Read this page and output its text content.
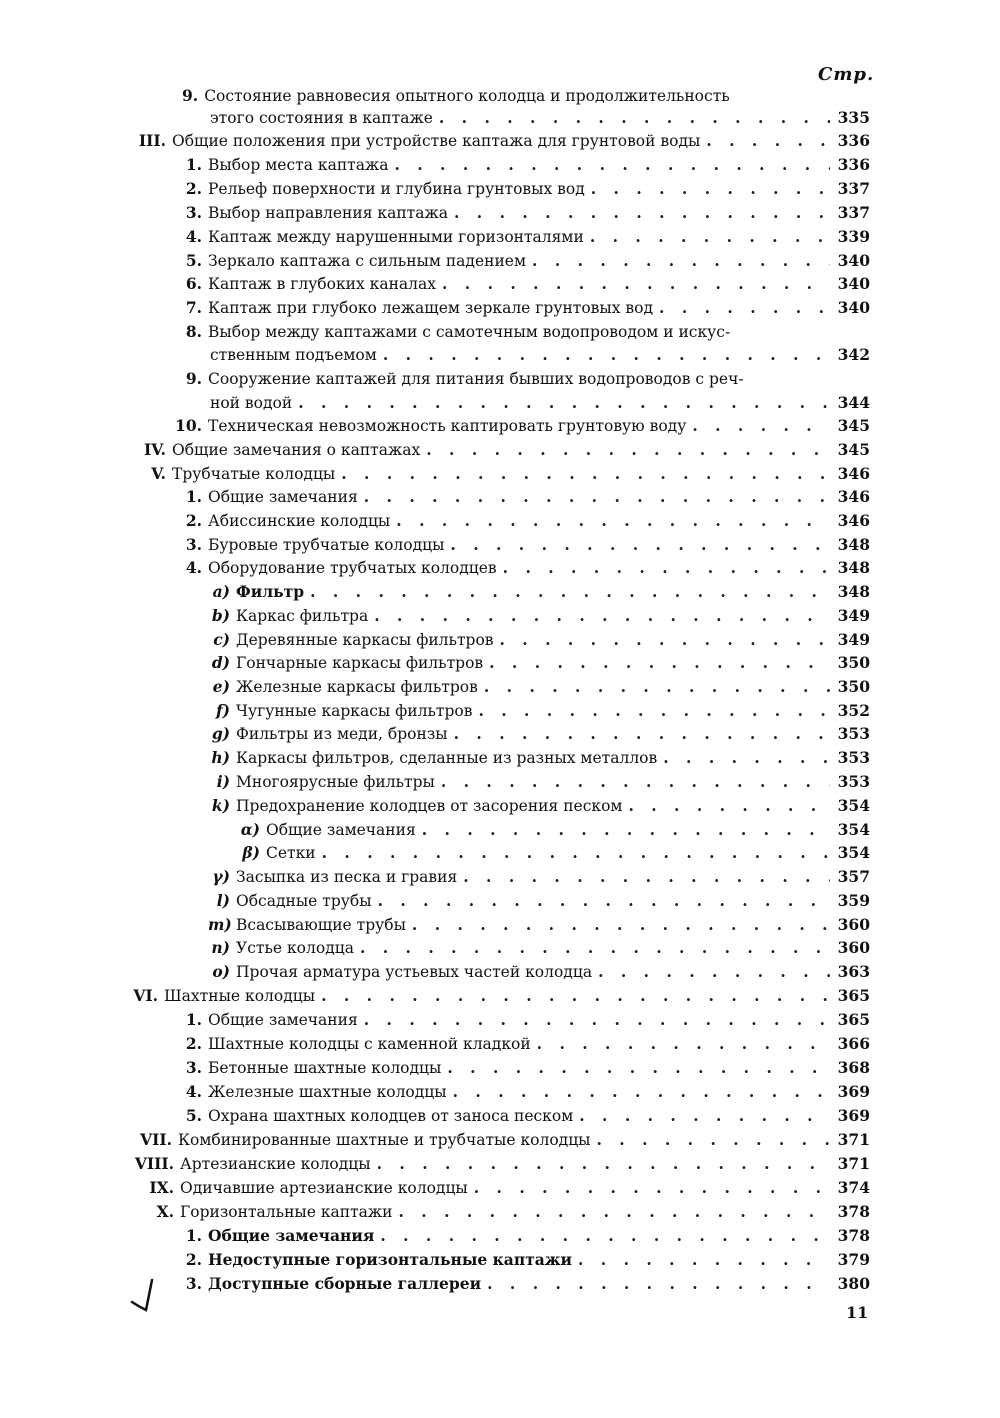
Стр.
9. Состояние равновесия опытного колодца и продолжительность
этого состояния в каптаже . . .	335
III. Общие положения при устройстве каптажа для грунтовой воды . . .	336
1. Выбор места каптажа . . .	336
2. Рельеф поверхности и глубина грунтовых вод . . .	337
3. Выбор направления каптажа . . .	337
4. Каптаж между нарушенными горизонталями . . .	339
5. Зеркало каптажа с сильным падением . . .	340
6. Каптаж в глубоких каналах . . .	340
7. Каптаж при глубоко лежащем зеркале грунтовых вод . . .	340
8. Выбор между каптажами с самотечным водопроводом и искус-
ственным подъемом . . .	342
9. Сооружение каптажей для питания бывших водопроводов с реч-
ной водой . . .	344
10. Техническая невозможность каптировать грунтовую воду . . .	345
IV. Общие замечания о каптажах . . .	345
V. Трубчатые колодцы . . .	346
1. Общие замечания . . .	346
2. Абиссинские колодцы . . .	346
3. Буровые трубчатые колодцы . . .	348
4. Оборудование трубчатых колодцев . . .	348
a) Фильтр . . .	348
b) Каркас фильтра . . .	349
c) Деревянные каркасы фильтров . . .	349
d) Гончарные каркасы фильтров . . .	350
e) Железные каркасы фильтров . . .	350
f) Чугунные каркасы фильтров . . .	352
g) Фильтры из меди, бронзы . . .	353
h) Каркасы фильтров, сделанные из разных металлов . . .	353
i) Многоярусные фильтры . . .	353
k) Предохранение колодцев от засорения песком . . .	354
α) Общие замечания . . .	354
β) Сетки . . .	354
γ) Засыпка из песка и гравия . . .	357
l) Обсадные трубы . . .	359
m) Всасывающие трубы . . .	360
n) Устье колодца . . .	360
o) Прочая арматура устьевых частей колодца . . .	363
VI. Шахтные колодцы . . .	365
1. Общие замечания . . .	365
2. Шахтные колодцы с каменной кладкой . . .	366
3. Бетонные шахтные колодцы . . .	368
4. Железные шахтные колодцы . . .	369
5. Охрана шахтных колодцев от заноса песком . . .	369
VII. Комбинированные шахтные и трубчатые колодцы . . .	371
VIII. Артезианские колодцы . . .	371
IX. Одичавшие артезианские колодцы . . .	374
X. Горизонтальные каптажи . . .	378
1. Общие замечания . . .	378
2. Недоступные горизонтальные каптажи . . .	379
3. Доступные сборные галлереи . . .	380
11
